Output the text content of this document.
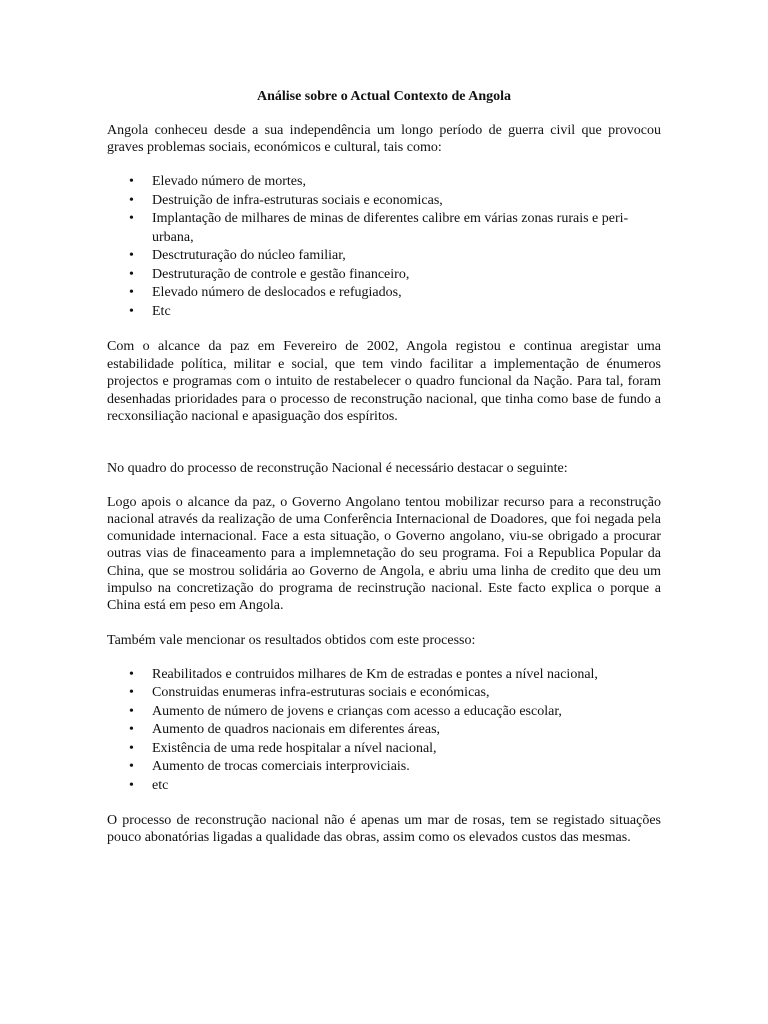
Análise sobre o Actual Contexto de Angola

Angola conheceu desde a sua independência um longo período de guerra civil que provocou graves problemas sociais, económicos e cultural, tais como:

• Elevado número de mortes,
• Destruição de infra-estruturas sociais e economicas,
• Implantação de milhares de minas de diferentes calibre em várias zonas rurais e peri-urbana,
• Desctruturação do núcleo familiar,
• Destruturação de controle e gestão financeiro,
• Elevado número de deslocados e refugiados,
• Etc

Com o alcance da paz em Fevereiro de 2002, Angola registou e continua aregistar uma estabilidade política, militar e social, que tem vindo facilitar a implementação de énumeros projectos e programas com o intuito de restabelecer o quadro funcional da Nação. Para tal, foram desenhadas prioridades para o processo de reconstrução nacional, que tinha como base de fundo a recxonsiliação nacional e apasiguação dos espíritos.

No quadro do processo de reconstrução Nacional é necessário destacar o seguinte:

Logo apois o alcance da paz, o Governo Angolano tentou mobilizar recurso para a reconstrução nacional através da realização de uma Conferência Internacional de Doadores, que foi negada pela comunidade internacional. Face a esta situação, o Governo angolano, viu-se obrigado a procurar outras vias de finaceamento para a implemnetação do seu programa. Foi a Republica Popular da China, que se mostrou solidária ao Governo de Angola, e abriu uma linha de credito que deu um impulso na concretização do programa de recinstrução nacional. Este facto explica o porque a China está em peso em Angola.

Também vale mencionar os resultados obtidos com este processo:

• Reabilitados e contruidos milhares de Km de estradas e pontes a nível nacional,
• Construidas enumeras infra-estruturas sociais e económicas,
• Aumento de número de jovens e crianças com acesso a educação escolar,
• Aumento de quadros nacionais em diferentes áreas,
• Existência de uma rede hospitalar a nível nacional,
• Aumento de trocas comerciais interproviciais.
• etc

O processo de reconstrução nacional não é apenas um mar de rosas, tem se registado situações pouco abonatórias ligadas a qualidade das obras, assim como os elevados custos das mesmas.
